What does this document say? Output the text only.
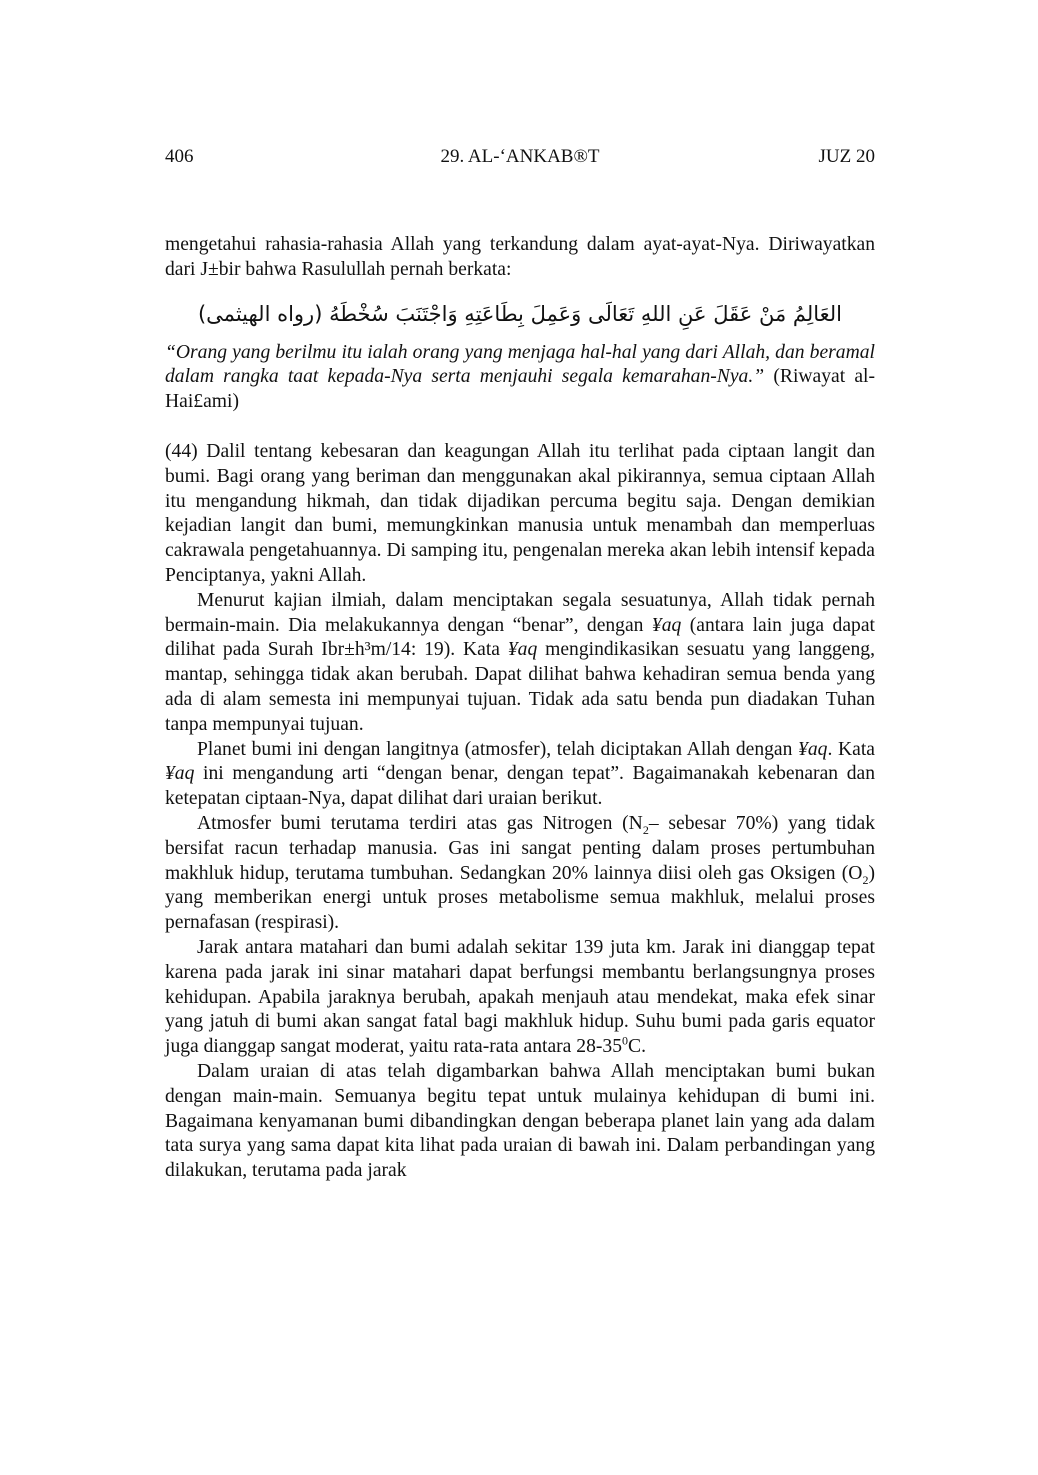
406	29. AL-‘ANKAB®T	JUZ 20

mengetahui rahasia-rahasia Allah yang terkandung dalam ayat-ayat-Nya. Diriwayatkan dari J±bir bahwa Rasulullah pernah berkata:

العَالِمُ مَنْ عَقَلَ عَنِ اللهِ تَعَالَى وَعَمِلَ بِطَاعَتِهِ وَاجْتَنَبَ سُخْطَهُ (رواه الهيثمى)

“Orang yang berilmu itu ialah orang yang menjaga hal-hal yang dari Allah, dan beramal dalam rangka taat kepada-Nya serta menjauhi segala kemarahan-Nya.” (Riwayat al-Hai£ami)

(44) Dalil tentang kebesaran dan keagungan Allah itu terlihat pada ciptaan langit dan bumi. Bagi orang yang beriman dan menggunakan akal pikirannya, semua ciptaan Allah itu mengandung hikmah, dan tidak dijadikan percuma begitu saja. Dengan demikian kejadian langit dan bumi, memungkinkan manusia untuk menambah dan memperluas cakrawala pengetahuannya. Di samping itu, pengenalan mereka akan lebih intensif kepada Penciptanya, yakni Allah.

Menurut kajian ilmiah, dalam menciptakan segala sesuatunya, Allah tidak pernah bermain-main. Dia melakukannya dengan “benar”, dengan ¥aq (antara lain juga dapat dilihat pada Surah Ibr±h³m/14: 19). Kata ¥aq mengindikasikan sesuatu yang langgeng, mantap, sehingga tidak akan berubah. Dapat dilihat bahwa kehadiran semua benda yang ada di alam semesta ini mempunyai tujuan. Tidak ada satu benda pun diadakan Tuhan tanpa mempunyai tujuan.

Planet bumi ini dengan langitnya (atmosfer), telah diciptakan Allah dengan ¥aq. Kata ¥aq ini mengandung arti “dengan benar, dengan tepat”. Bagaimanakah kebenaran dan ketepatan ciptaan-Nya, dapat dilihat dari uraian berikut.

Atmosfer bumi terutama terdiri atas gas Nitrogen ($N_2-$ sebesar 70%) yang tidak bersifat racun terhadap manusia. Gas ini sangat penting dalam proses pertumbuhan makhluk hidup, terutama tumbuhan. Sedangkan 20% lainnya diisi oleh gas Oksigen $(O_2)$ yang memberikan energi untuk proses metabolisme semua makhluk, melalui proses pernafasan (respirasi).

Jarak antara matahari dan bumi adalah sekitar 139 juta km. Jarak ini dianggap tepat karena pada jarak ini sinar matahari dapat berfungsi membantu berlangsungnya proses kehidupan. Apabila jaraknya berubah, apakah menjauh atau mendekat, maka efek sinar yang jatuh di bumi akan sangat fatal bagi makhluk hidup. Suhu bumi pada garis equator juga dianggap sangat moderat, yaitu rata-rata antara $28-35^0C$.

Dalam uraian di atas telah digambarkan bahwa Allah menciptakan bumi bukan dengan main-main. Semuanya begitu tepat untuk mulainya kehidupan di bumi ini. Bagaimana kenyamanan bumi dibandingkan dengan beberapa planet lain yang ada dalam tata surya yang sama dapat kita lihat pada uraian di bawah ini. Dalam perbandingan yang dilakukan, terutama pada jarak
